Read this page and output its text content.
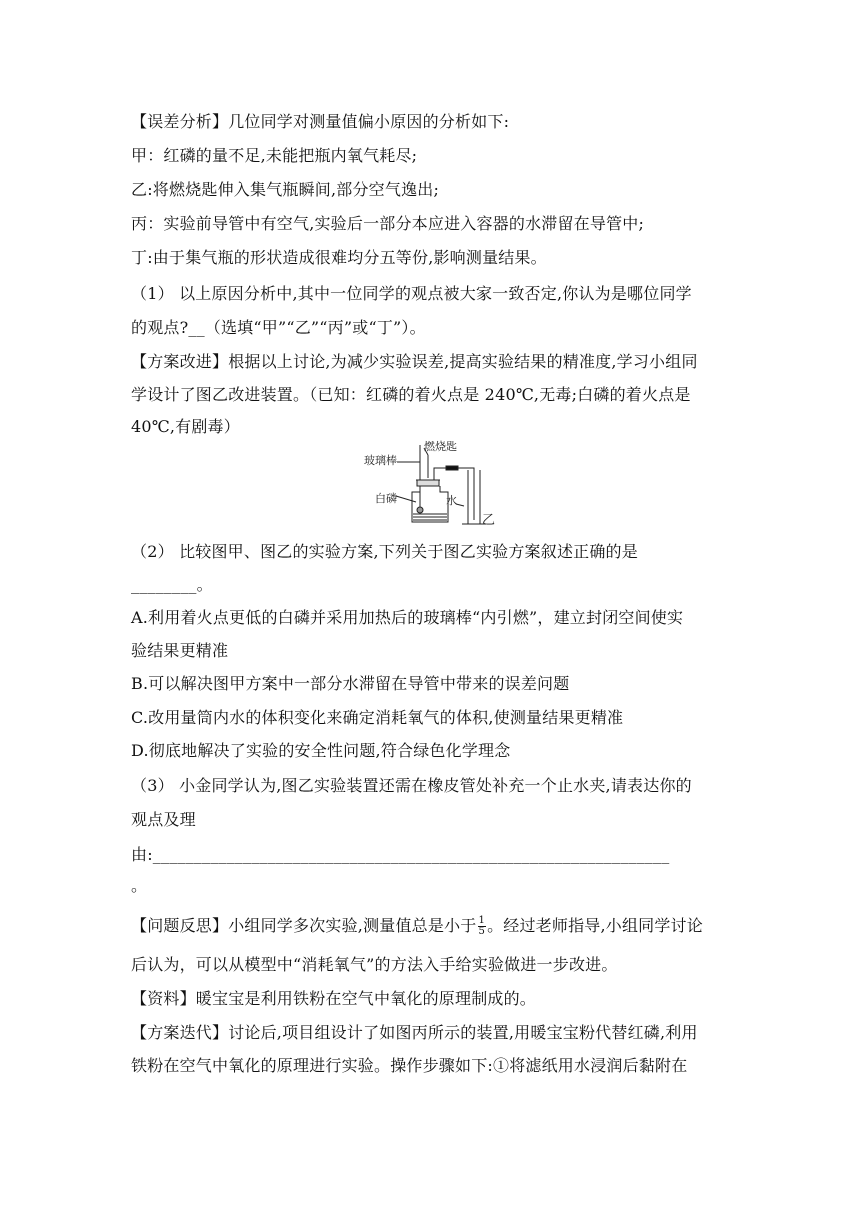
【误差分析】几位同学对测量值偏小原因的分析如下:
甲：红磷的量不足,未能把瓶内氧气耗尽;
乙:将燃烧匙伸入集气瓶瞬间,部分空气逸出;
丙：实验前导管中有空气,实验后一部分本应进入容器的水滞留在导管中;
丁:由于集气瓶的形状造成很难均分五等份,影响测量结果。
（1） 以上原因分析中,其中一位同学的观点被大家一致否定,你认为是哪位同学
的观点?__（选填“甲”“乙”“丙”或“丁”）。
【方案改进】根据以上讨论,为减少实验误差,提高实验结果的精准度,学习小组同
学设计了图乙改进装置。（已知：红磷的着火点是 240℃,无毒;白磷的着火点是
40℃,有剧毒）
玻璃棒
燃烧匙
白磷	水
乙
（2） 比较图甲、图乙的实验方案,下列关于图乙实验方案叙述正确的是
________。
A.利用着火点更低的白磷并采用加热后的玻璃棒“内引燃”，建立封闭空间使实
验结果更精准
B.可以解决图甲方案中一部分水滞留在导管中带来的误差问题
C.改用量筒内水的体积变化来确定消耗氧气的体积,使测量结果更精准
D.彻底地解决了实验的安全性问题,符合绿色化学理念
（3） 小金同学认为,图乙实验装置还需在橡皮管处补充一个止水夹,请表达你的
观点及理
由:_______________________________________________________________
。
【问题反思】小组同学多次实验,测量值总是小于 $\frac{1}{5}$ 。经过老师指导,小组同学讨论
后认为，可以从模型中“消耗氧气”的方法入手给实验做进一步改进。
【资料】暖宝宝是利用铁粉在空气中氧化的原理制成的。
【方案迭代】讨论后,项目组设计了如图丙所示的装置,用暖宝宝粉代替红磷,利用
铁粉在空气中氧化的原理进行实验。操作步骤如下:①将滤纸用水浸润后黏附在
